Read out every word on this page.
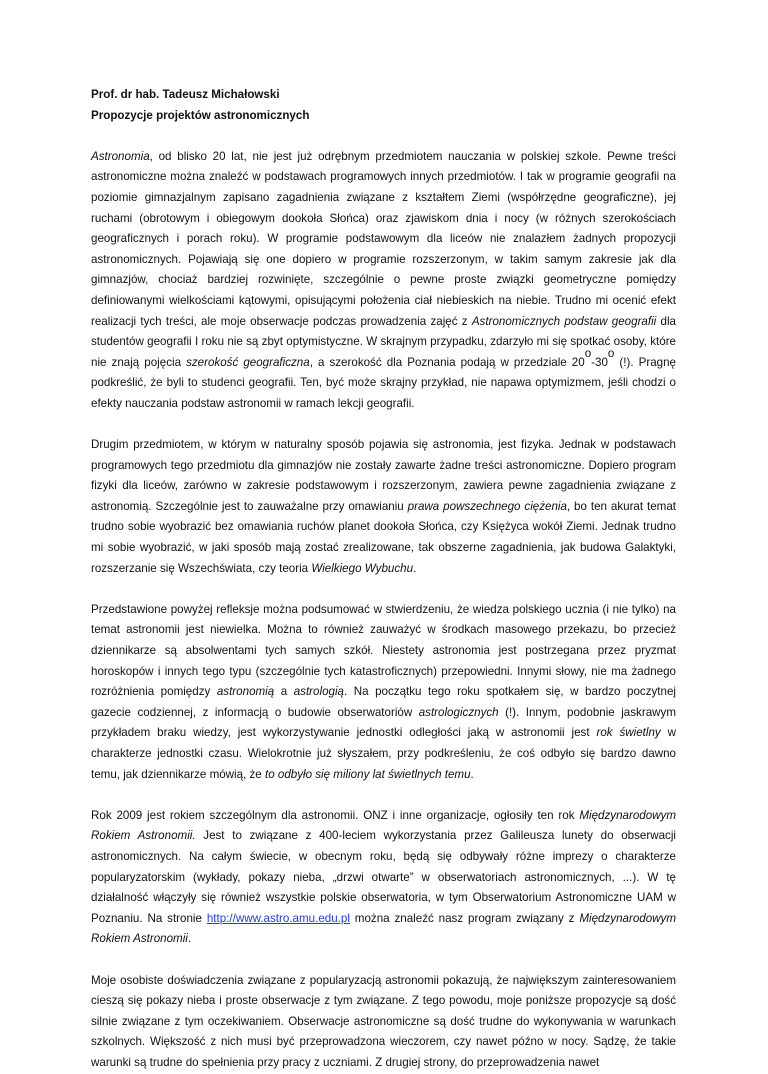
Prof. dr hab. Tadeusz Michałowski

Propozycje projektów astronomicznych

Astronomia, od blisko 20 lat, nie jest już odrębnym przedmiotem nauczania w polskiej szkole. Pewne treści astronomiczne można znaleźć w podstawach programowych innych przedmiotów. I tak w programie geografii na poziomie gimnazjalnym zapisano zagadnienia związane z kształtem Ziemi (współrzędne geograficzne), jej ruchami (obrotowym i obiegowym dookoła Słońca) oraz zjawiskom dnia i nocy (w różnych szerokościach geograficznych i porach roku). W programie podstawowym dla liceów nie znalazłem żadnych propozycji astronomicznych. Pojawiają się one dopiero w programie rozszerzonym, w takim samym zakresie jak dla gimnazjów, chociaż bardziej rozwinięte, szczególnie o pewne proste związki geometryczne pomiędzy definiowanymi wielkościami kątowymi, opisującymi położenia ciał niebieskich na niebie. Trudno mi ocenić efekt realizacji tych treści, ale moje obserwacje podczas prowadzenia zajęć z Astronomicznych podstaw geografii dla studentów geografii I roku nie są zbyt optymistyczne. W skrajnym przypadku, zdarzyło mi się spotkać osoby, które nie znają pojęcia szerokość geograficzna, a szerokość dla Poznania podają w przedziale 20o-30o (!). Pragnę podkreślić, że byli to studenci geografii. Ten, być może skrajny przykład, nie napawa optymizmem, jeśli chodzi o efekty nauczania podstaw astronomii w ramach lekcji geografii.

Drugim przedmiotem, w którym w naturalny sposób pojawia się astronomia, jest fizyka. Jednak w podstawach programowych tego przedmiotu dla gimnazjów nie zostały zawarte żadne treści astronomiczne. Dopiero program fizyki dla liceów, zarówno w zakresie podstawowym i rozszerzonym, zawiera pewne zagadnienia związane z astronomią. Szczególnie jest to zauważalne przy omawianiu prawa powszechnego ciężenia, bo ten akurat temat trudno sobie wyobrazić bez omawiania ruchów planet dookoła Słońca, czy Księżyca wokół Ziemi. Jednak trudno mi sobie wyobrazić, w jaki sposób mają zostać zrealizowane, tak obszerne zagadnienia, jak budowa Galaktyki, rozszerzanie się Wszechświata, czy teoria Wielkiego Wybuchu.

Przedstawione powyżej refleksje można podsumować w stwierdzeniu, że wiedza polskiego ucznia (i nie tylko) na temat astronomii jest niewielka. Można to również zauważyć w środkach masowego przekazu, bo przecież dziennikarze są absolwentami tych samych szkół. Niestety astronomia jest postrzegana przez pryzmat horoskopów i innych tego typu (szczególnie tych katastroficznych) przepowiedni. Innymi słowy, nie ma żadnego rozróżnienia pomiędzy astronomią a astrologią. Na początku tego roku spotkałem się, w bardzo poczytnej gazecie codziennej, z informacją o budowie obserwatoriów astrologicznych (!). Innym, podobnie jaskrawym przykładem braku wiedzy, jest wykorzystywanie jednostki odległości jaką w astronomii jest rok świetlny w charakterze jednostki czasu. Wielokrotnie już słyszałem, przy podkreśleniu, że coś odbyło się bardzo dawno temu, jak dziennikarze mówią, że to odbyło się miliony lat świetlnych temu.

Rok 2009 jest rokiem szczególnym dla astronomii. ONZ i inne organizacje, ogłosiły ten rok Międzynarodowym Rokiem Astronomii. Jest to związane z 400-leciem wykorzystania przez Galileusza lunety do obserwacji astronomicznych. Na całym świecie, w obecnym roku, będą się odbywały różne imprezy o charakterze popularyzatorskim (wykłady, pokazy nieba, „drzwi otwarte” w obserwatoriach astronomicznych, ...). W tę działalność włączyły się również wszystkie polskie obserwatoria, w tym Obserwatorium Astronomiczne UAM w Poznaniu. Na stronie http://www.astro.amu.edu.pl można znaleźć nasz program związany z Międzynarodowym Rokiem Astronomii.

Moje osobiste doświadczenia związane z popularyzacją astronomii pokazują, że największym zainteresowaniem cieszą się pokazy nieba i proste obserwacje z tym związane. Z tego powodu, moje poniższe propozycje są dość silnie związane z tym oczekiwaniem. Obserwacje astronomiczne są dość trudne do wykonywania w warunkach szkolnych. Większość z nich musi być przeprowadzona wieczorem, czy nawet późno w nocy. Sądzę, że takie warunki są trudne do spełnienia przy pracy z uczniami. Z drugiej strony, do przeprowadzenia nawet
